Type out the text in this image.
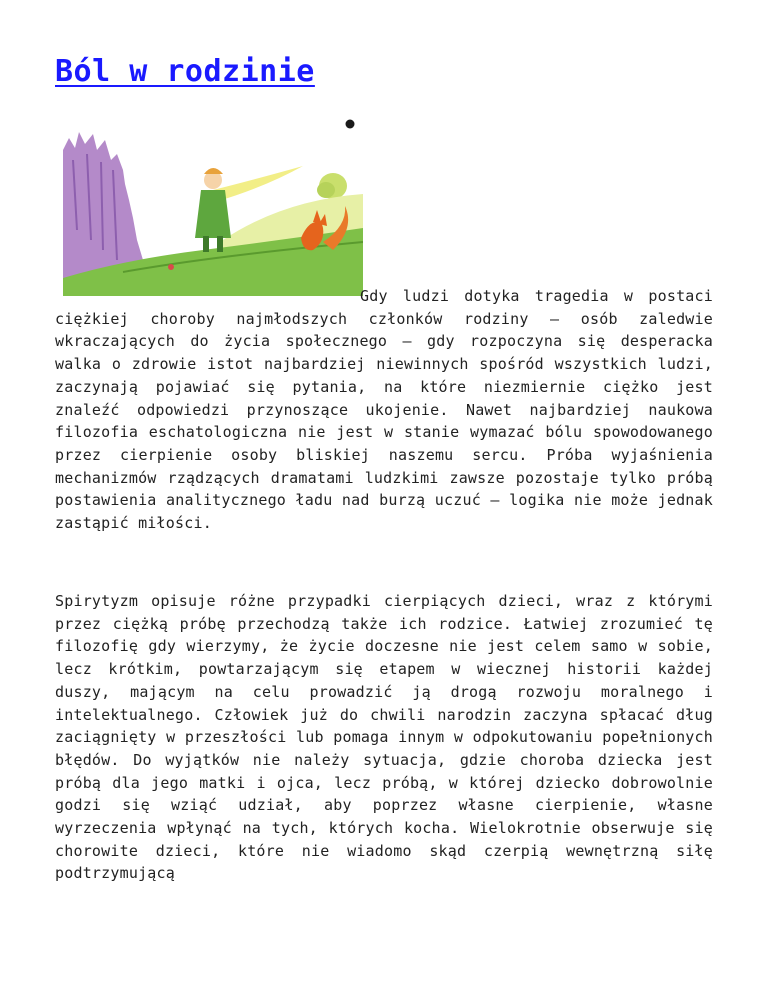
Ból w rodzinie

Gdy ludzi dotyka tragedia w postaci ciężkiej choroby najmłodszych członków rodziny – osób zaledwie wkraczających do życia społecznego – gdy rozpoczyna się desperacka walka o zdrowie istot najbardziej niewinnych spośród wszystkich ludzi, zaczynają pojawiać się pytania, na które niezmiernie ciężko jest znaleźć odpowiedzi przynoszące ukojenie. Nawet najbardziej naukowa filozofia eschatologiczna nie jest w stanie wymazać bólu spowodowanego przez cierpienie osoby bliskiej naszemu sercu. Próba wyjaśnienia mechanizmów rządzących dramatami ludzkimi zawsze pozostaje tylko próbą postawienia analitycznego ładu nad burzą uczuć – logika nie może jednak zastąpić miłości.

Spirytyzm opisuje różne przypadki cierpiących dzieci, wraz z którymi przez ciężką próbę przechodzą także ich rodzice. Łatwiej zrozumieć tę filozofię gdy wierzymy, że życie doczesne nie jest celem samo w sobie, lecz krótkim, powtarzającym się etapem w wiecznej historii każdej duszy, mającym na celu prowadzić ją drogą rozwoju moralnego i intelektualnego. Człowiek już do chwili narodzin zaczyna spłacać dług zaciągnięty w przeszłości lub pomaga innym w odpokutowaniu popełnionych błędów. Do wyjątków nie należy sytuacja, gdzie choroba dziecka jest próbą dla jego matki i ojca, lecz próbą, w której dziecko dobrowolnie godzi się wziąć udział, aby poprzez własne cierpienie, własne wyrzeczenia wpłynąć na tych, których kocha. Wielokrotnie obserwuje się chorowite dzieci, które nie wiadomo skąd czerpią wewnętrzną siłę podtrzymującą
